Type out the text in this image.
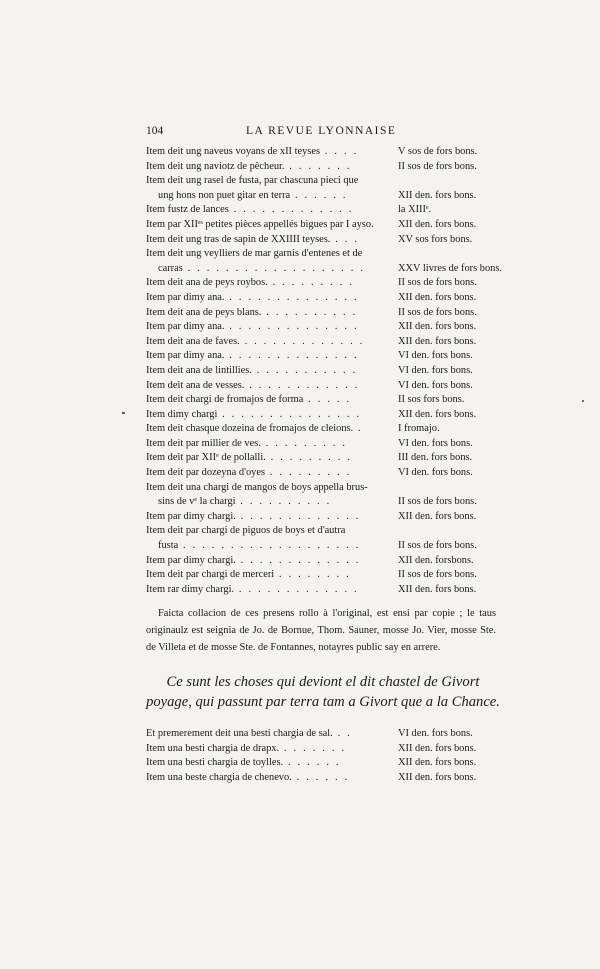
104	LA REVUE LYONNAISE
Item deit ung naveus voyans de xII teyses . . . .	V sos de fors bons.
Item deit ung naviotz de pêcheur. . . . . . . .	II sos de fors bons.
Item deit ung rasel de fusta, par chascuna pieci que
ung hons non puet gitar en terra . . . . . .	XII den. fors bons.
Item fustz de lances . . . . . . . . . . . . .	la XIIIᵉ.
Item par XIIᵉˢ petites pièces appellés bigues par I ayso.	XII den. fors bons.
Item deit ung tras de sapin de XXIIII teyses. . . .	XV sos fors bons.
Item deit ung veylliers de mar garnis d'entenes et de
carras . . . . . . . . . . . . . . . . . . .	XXV livres de fors bons.
Item deit ana de peys roybos. . . . . . . . . .	II sos de fors bons.
Item par dimy ana. . . . . . . . . . . . . . .	XII den. fors bons.
Item deit ana de peys blans. . . . . . . . . . .	II sos de fors bons.
Item par dimy ana. . . . . . . . . . . . . . .	XII den. fors bons.
Item deit ana de faves. . . . . . . . . . . . . .	XII den. fors bons.
Item par dimy ana. . . . . . . . . . . . . . .	VI den. fors bons.
Item deit ana de lintillies. . . . . . . . . . . .	VI den. fors bons.
Item deit ana de vesses. . . . . . . . . . . . .	VI den. fors bons.
Item deit chargi de fromajos de forma . . . . .	II sos fors bons.
Item dimy chargi . . . . . . . . . . . . . . .	XII den. fors bons.
Item deit chasque dozeina de fromajos de cleions. .	I fromajo.
Item deit par millier de ves. . . . . . . . . .	VI den. fors bons.
Item deit par XIIᵉ de pollalli. . . . . . . . . .	III den. fors bons.
Item deit par dozeyna d'oyes . . . . . . . . .	VI den. fors bons.
Item deit una chargi de mangos de boys appella brus-
sins de vᵉ la chargi . . . . . . . . . .	II sos de fors bons.
Item par dimy chargi. . . . . . . . . . . . . .	XII den. fors bons.
Item deit par chargi de piguos de boys et d'autra
fusta . . . . . . . . . . . . . . . . . . .	II sos de fors bons.
Item par dimy chargi. . . . . . . . . . . . . .	XII den. forsbons.
Item deit par chargi de merceri . . . . . . . .	II sos de fors bons.
Item rar dimy chargi. . . . . . . . . . . . . .	XII den. fors bons.

Faicta collacion de ces presens rollo à l'original, est ensi par copie ; le taus originaulz est seignia de Jo. de Bornue, Thom. Sauner, mosse Jo. Vier, mosse Ste. de Villeta et de mosse Ste. de Fontannes, notayres public say en arrere.

Ce sunt les choses qui deviont el dit chastel de Givort poyage, qui passunt par terra tam a Givort que a la Chance.
Et premerement deit una besti chargia de sal. . .	VI den. fors bons.
Item una besti chargia de drapx. . . . . . . .	XII den. fors bons.
Item una besti chargia de toylles. . . . . . .	XII den. fors bons.
Item una beste chargia de chenevo. . . . . . .	XII den. fors bons.
